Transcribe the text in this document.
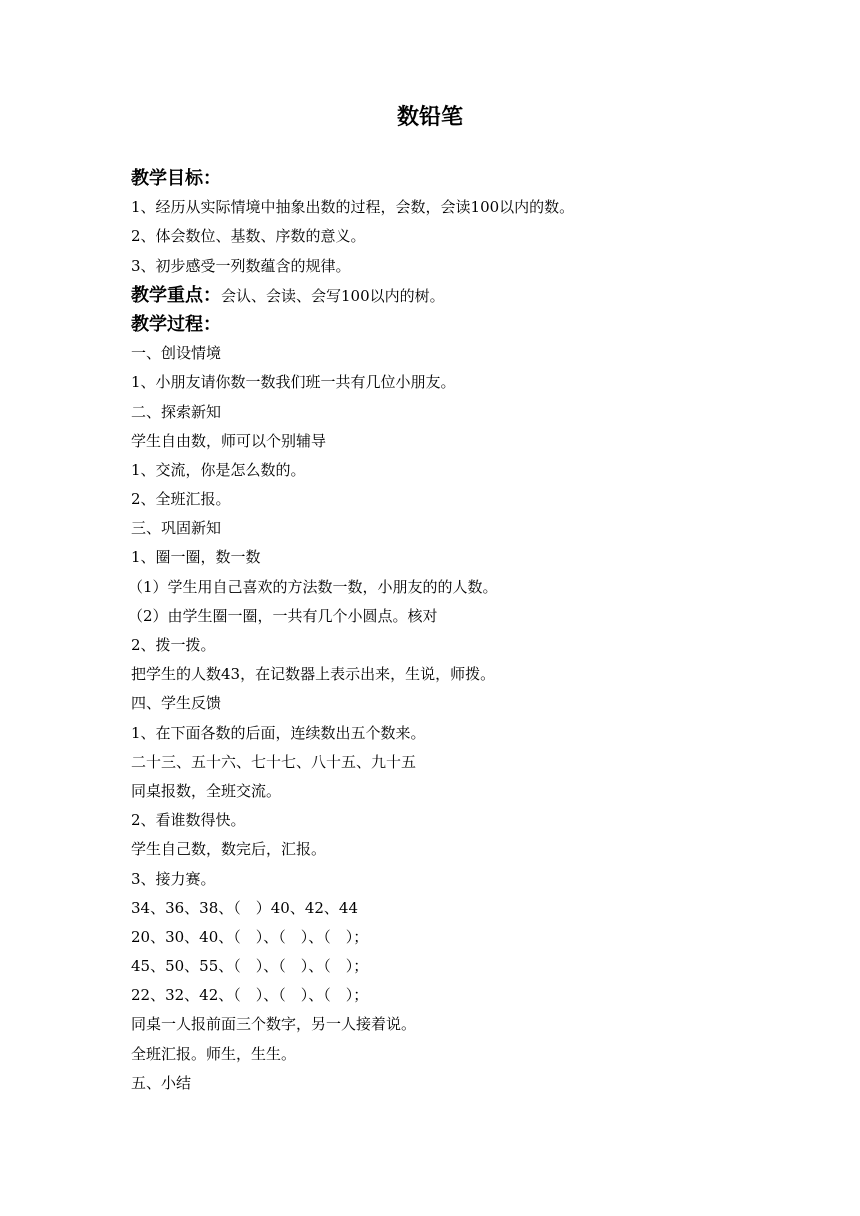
数铅笔
教学目标：
1、经历从实际情境中抽象出数的过程，会数，会读100以内的数。
2、体会数位、基数、序数的意义。
3、初步感受一列数蕴含的规律。
教学重点：会认、会读、会写100以内的树。
教学过程：
一、创设情境
1、小朋友请你数一数我们班一共有几位小朋友。
二、探索新知
学生自由数，师可以个别辅导
1、交流，你是怎么数的。
2、全班汇报。
三、巩固新知
1、圈一圈，数一数
（1）学生用自己喜欢的方法数一数，小朋友的的人数。
（2）由学生圈一圈，一共有几个小圆点。核对
2、拨一拨。
把学生的人数43，在记数器上表示出来，生说，师拨。
四、学生反馈
1、在下面各数的后面，连续数出五个数来。
二十三、五十六、七十七、八十五、九十五
同桌报数，全班交流。
2、看谁数得快。
学生自己数，数完后，汇报。
3、接力赛。
34、36、38、（　）40、42、44
20、30、40、（　）、（　）、（　）；
45、50、55、（　）、（　）、（　）；
22、32、42、（　）、（　）、（　）；
同桌一人报前面三个数字，另一人接着说。
全班汇报。师生，生生。
五、小结
